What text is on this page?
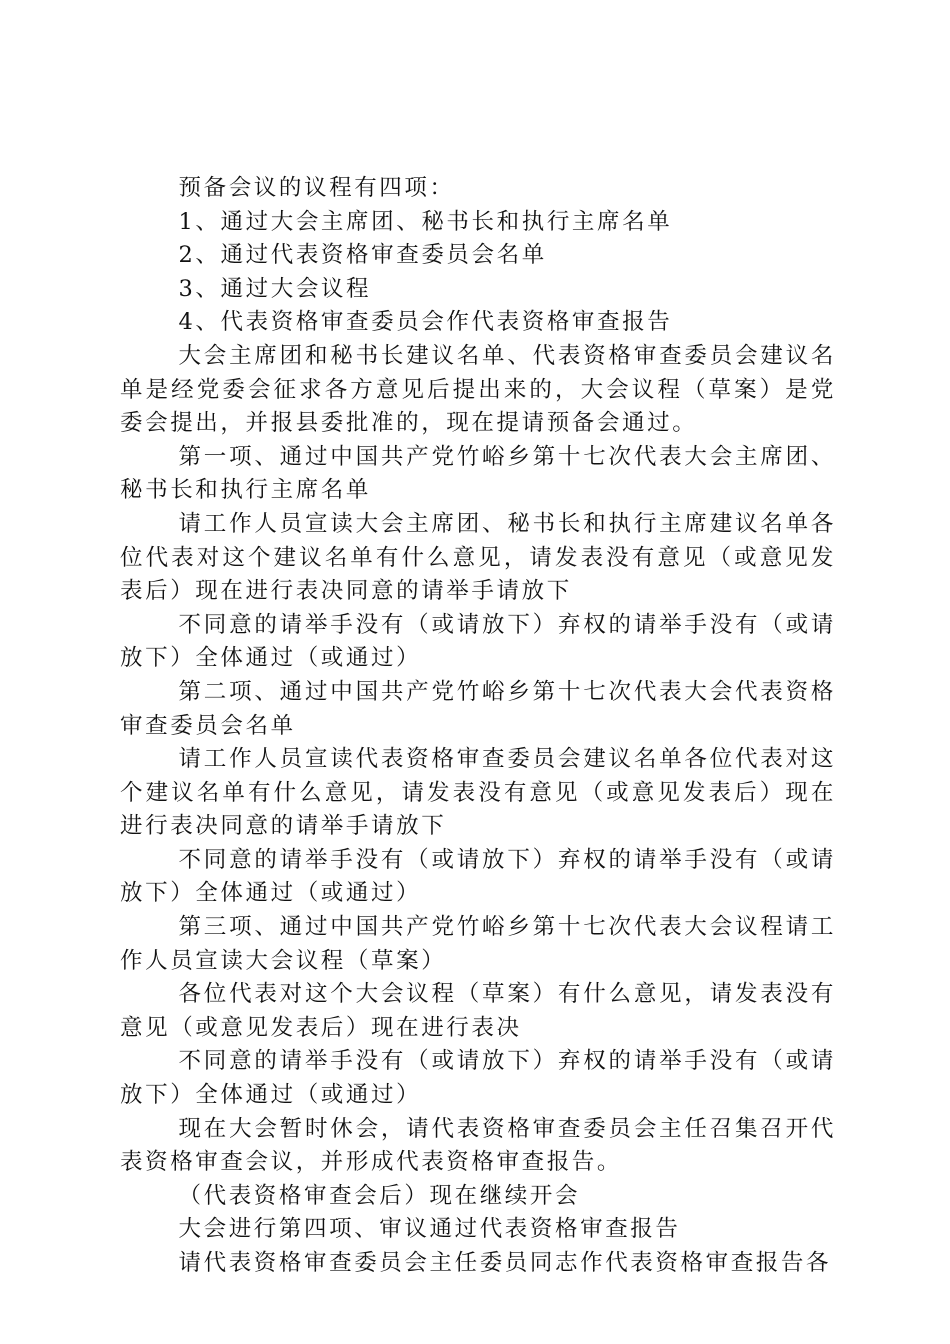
预备会议的议程有四项：

1、通过大会主席团、秘书长和执行主席名单

2、通过代表资格审查委员会名单

3、通过大会议程

4、代表资格审查委员会作代表资格审查报告

大会主席团和秘书长建议名单、代表资格审查委员会建议名单是经党委会征求各方意见后提出来的，大会议程（草案）是党委会提出，并报县委批准的，现在提请预备会通过。

第一项、通过中国共产党竹峪乡第十七次代表大会主席团、秘书长和执行主席名单

请工作人员宣读大会主席团、秘书长和执行主席建议名单各位代表对这个建议名单有什么意见，请发表没有意见（或意见发表后）现在进行表决同意的请举手请放下

不同意的请举手没有（或请放下）弃权的请举手没有（或请放下）全体通过（或通过）

第二项、通过中国共产党竹峪乡第十七次代表大会代表资格审查委员会名单

请工作人员宣读代表资格审查委员会建议名单各位代表对这个建议名单有什么意见，请发表没有意见（或意见发表后）现在进行表决同意的请举手请放下

不同意的请举手没有（或请放下）弃权的请举手没有（或请放下）全体通过（或通过）

第三项、通过中国共产党竹峪乡第十七次代表大会议程请工作人员宣读大会议程（草案）

各位代表对这个大会议程（草案）有什么意见，请发表没有意见（或意见发表后）现在进行表决

不同意的请举手没有（或请放下）弃权的请举手没有（或请放下）全体通过（或通过）

现在大会暂时休会，请代表资格审查委员会主任召集召开代表资格审查会议，并形成代表资格审查报告。

（代表资格审查会后）现在继续开会

大会进行第四项、审议通过代表资格审查报告

请代表资格审查委员会主任委员同志作代表资格审查报告各
